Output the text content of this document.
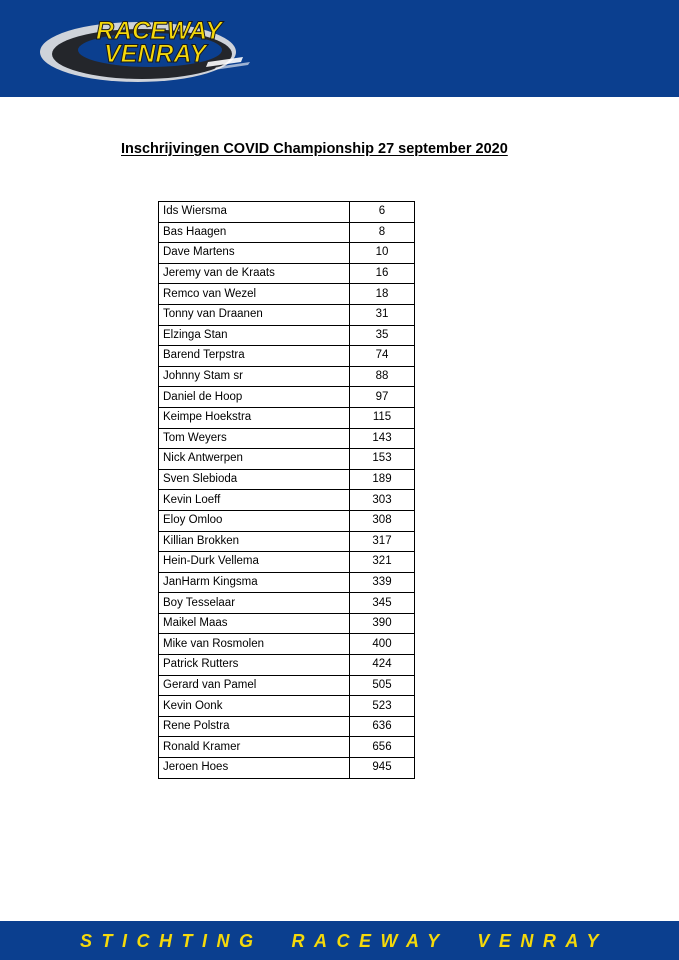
RACEWAY
VENRAY
Inschrijvingen COVID Championship 27 september 2020
Ids Wiersma	6
Bas Haagen	8
Dave Martens	10
Jeremy van de Kraats	16
Remco van Wezel	18
Tonny van Draanen	31
Elzinga Stan	35
Barend Terpstra	74
Johnny Stam sr	88
Daniel de Hoop	97
Keimpe Hoekstra	115
Tom Weyers	143
Nick Antwerpen	153
Sven Slebioda	189
Kevin Loeff	303
Eloy Omloo	308
Killian Brokken	317
Hein-Durk Vellema	321
JanHarm Kingsma	339
Boy Tesselaar	345
Maikel Maas	390
Mike van Rosmolen	400
Patrick Rutters	424
Gerard van Pamel	505
Kevin Oonk	523
Rene Polstra	636
Ronald Kramer	656
Jeroen Hoes	945
STICHTING  RACEWAY  VENRAY
